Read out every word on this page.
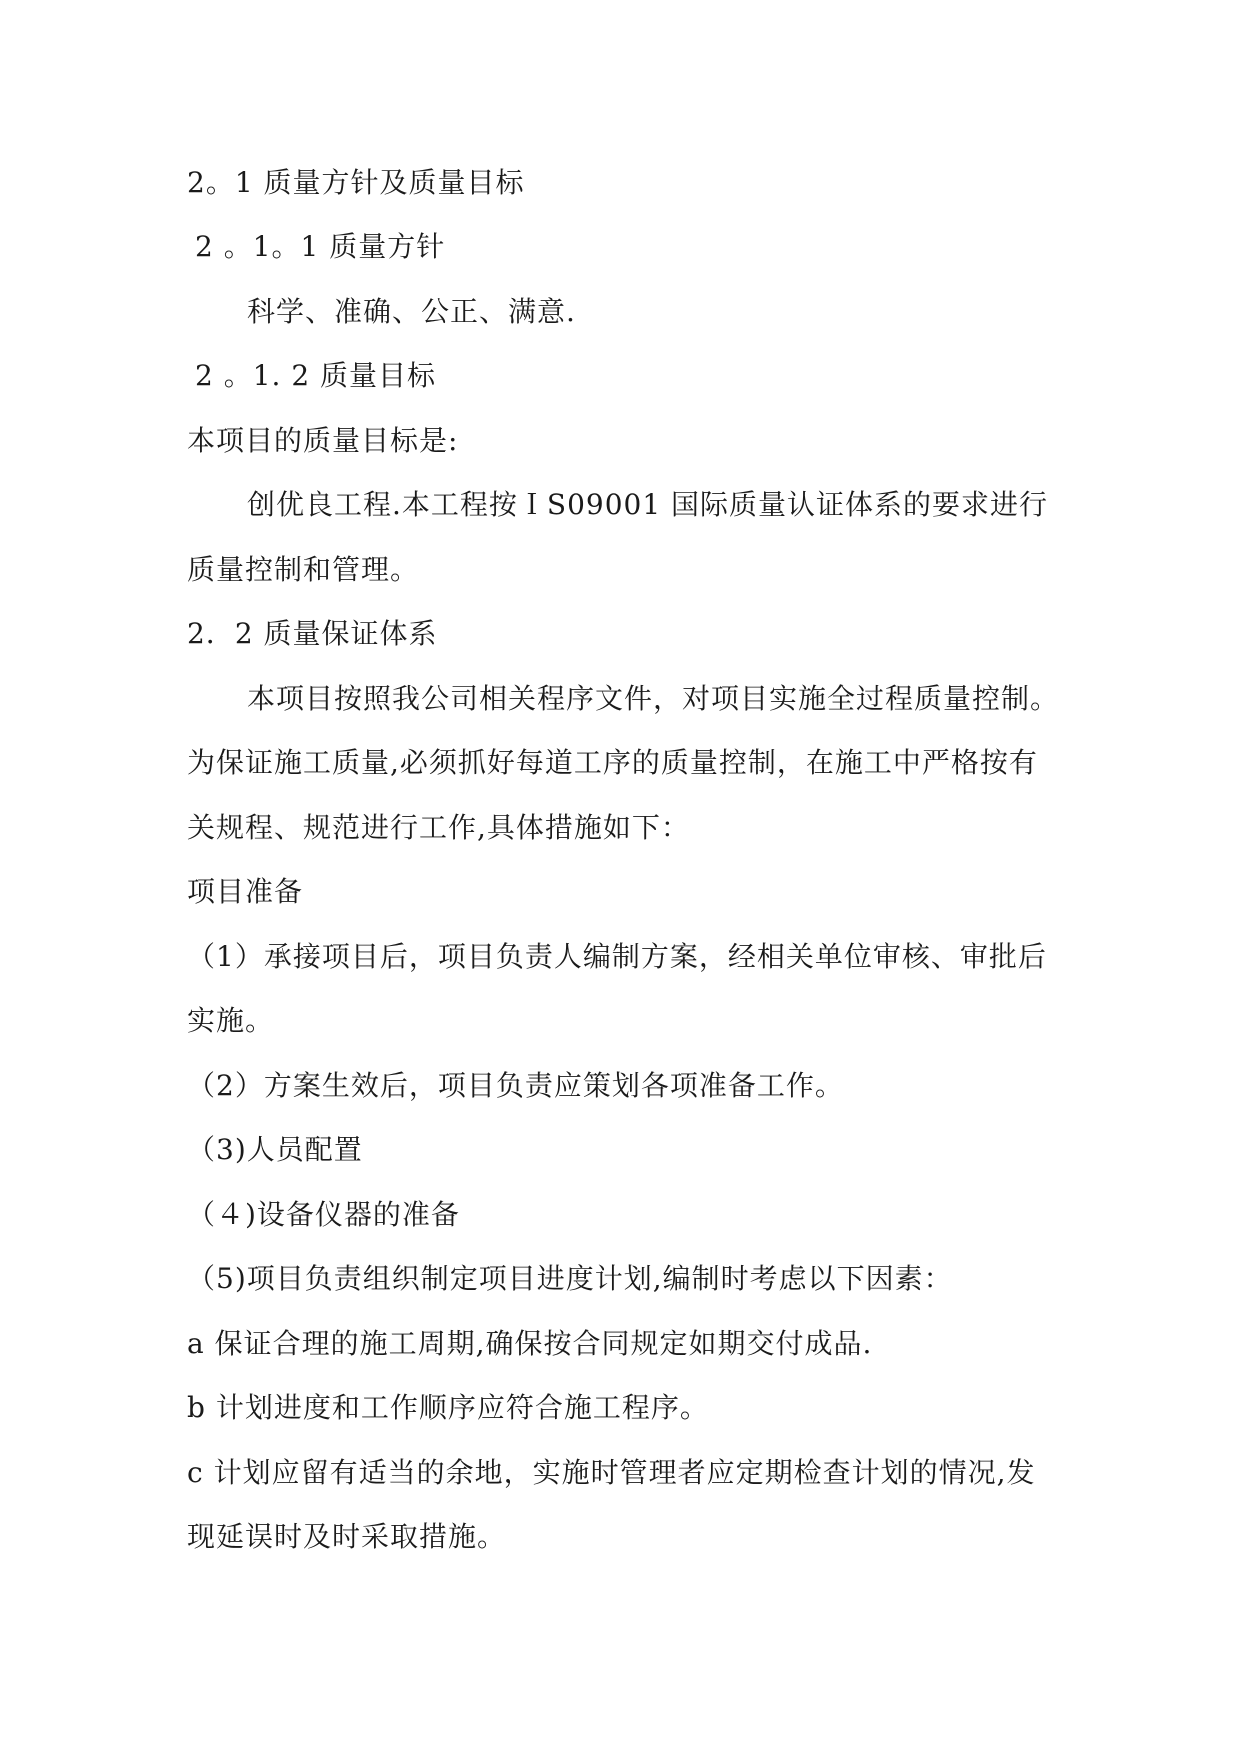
2。1 质量方针及质量目标
2 。1。1 质量方针
科学、准确、公正、满意.
2 。1. 2 质量目标
本项目的质量目标是:
创优良工程.本工程按ＩS09001 国际质量认证体系的要求进行
质量控制和管理。
2．2 质量保证体系
本项目按照我公司相关程序文件，对项目实施全过程质量控制。
为保证施工质量,必须抓好每道工序的质量控制，在施工中严格按有
关规程、规范进行工作,具体措施如下：
项目准备
（1）承接项目后，项目负责人编制方案，经相关单位审核、审批后
实施。
（2）方案生效后，项目负责应策划各项准备工作。
（3)人员配置
（４)设备仪器的准备
（5)项目负责组织制定项目进度计划,编制时考虑以下因素：
a 保证合理的施工周期,确保按合同规定如期交付成品.
b 计划进度和工作顺序应符合施工程序。
c 计划应留有适当的余地，实施时管理者应定期检查计划的情况,发
现延误时及时采取措施。
